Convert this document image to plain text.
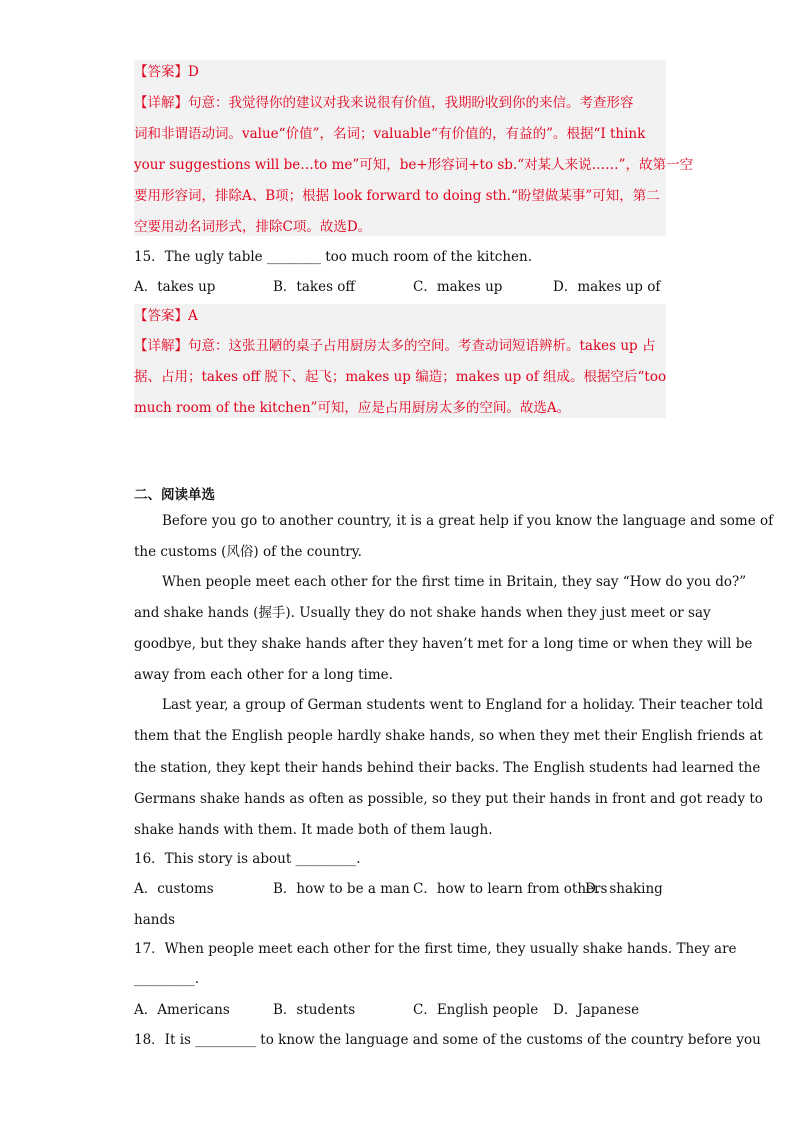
【答案】D
【详解】句意：我觉得你的建议对我来说很有价值，我期盼收到你的来信。考查形容
词和非谓语动词。value“价值”，名词；valuable“有价值的，有益的”。根据“I think
your suggestions will be…to me”可知，be+形容词+to sb.“对某人来说……”，故第一空
要用形容词，排除A、B项；根据 look forward to doing sth.“盼望做某事”可知，第二
空要用动名词形式，排除C项。故选D。
15．The ugly table ________ too much room of the kitchen.
A．takes up	B．takes off	C．makes up	D．makes up of
【答案】A
【详解】句意：这张丑陋的桌子占用厨房太多的空间。考查动词短语辨析。takes up 占
据、占用；takes off 脱下、起飞；makes up 编造；makes up of 组成。根据空后“too
much room of the kitchen”可知，应是占用厨房太多的空间。故选A。
二、阅读单选
Before you go to another country, it is a great help if you know the language and some of
the customs (风俗) of the country.
When people meet each other for the first time in Britain, they say “How do you do?”
and shake hands (握手). Usually they do not shake hands when they just meet or say
goodbye, but they shake hands after they haven’t met for a long time or when they will be
away from each other for a long time.
Last year, a group of German students went to England for a holiday. Their teacher told
them that the English people hardly shake hands, so when they met their English friends at
the station, they kept their hands behind their backs. The English students had learned the
Germans shake hands as often as possible, so they put their hands in front and got ready to
shake hands with them. It made both of them laugh.
16．This story is about _________.
A．customs	B．how to be a man C．how to learn from others
D．shaking
hands
17．When people meet each other for the first time, they usually shake hands. They are
_________.
A．Americans	B．students	C．English people D．Japanese
18．It is _________ to know the language and some of the customs of the country before you
